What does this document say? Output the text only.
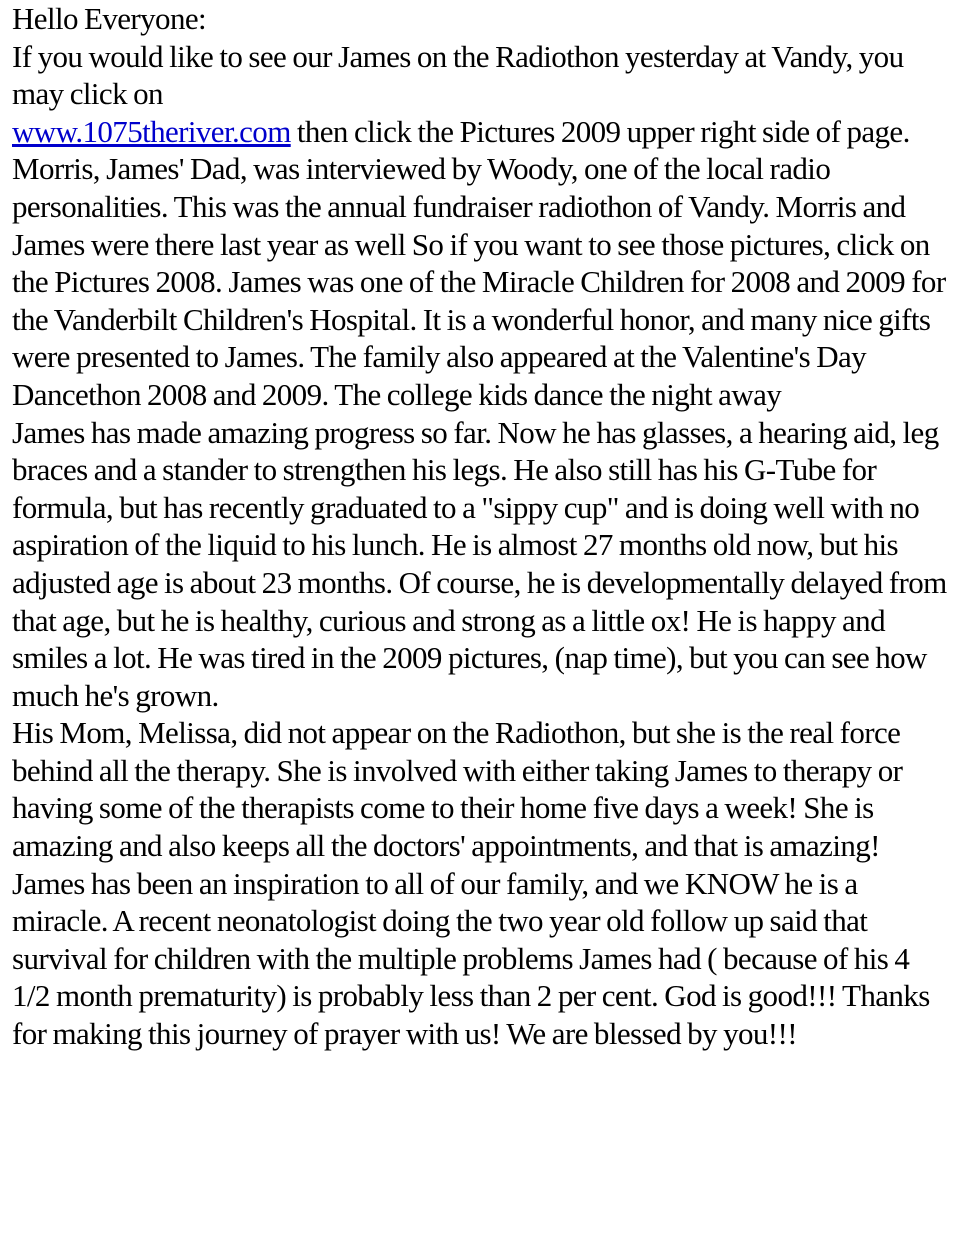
Hello Everyone:

If you would like to see our James on the Radiothon yesterday at Vandy, you may click on
www.1075theriver.com then click the Pictures 2009 upper right side of page.

Morris, James' Dad, was interviewed by Woody, one of the local radio personalities. This was the annual fundraiser radiothon of Vandy. Morris and James were there last year as well So if you want to see those pictures, click on the Pictures 2008. James was one of the Miracle Children for 2008 and 2009 for the Vanderbilt Children's Hospital. It is a wonderful honor, and many nice gifts were presented to James. The family also appeared at the Valentine's Day Dancethon 2008 and 2009. The college kids dance the night away

James has made amazing progress so far. Now he has glasses, a hearing aid, leg braces and a stander to strengthen his legs. He also still has his G-Tube for formula, but has recently graduated to a "sippy cup" and is doing well with no aspiration of the liquid to his lunch. He is almost 27 months old now, but his adjusted age is about 23 months. Of course, he is developmentally delayed from that age, but he is healthy, curious and strong as a little ox! He is happy and smiles a lot. He was tired in the 2009 pictures, (nap time), but you can see how much he's grown.

His Mom, Melissa, did not appear on the Radiothon, but she is the real force behind all the therapy. She is involved with either taking James to therapy or having some of the therapists come to their home five days a week! She is amazing and also keeps all the doctors' appointments, and that is amazing!

James has been an inspiration to all of our family, and we KNOW he is a miracle. A recent neonatologist doing the two year old follow up said that survival for children with the multiple problems James had ( because of his 4 1/2 month prematurity) is probably less than 2 per cent. God is good!!! Thanks for making this journey of prayer with us! We are blessed by you!!!
